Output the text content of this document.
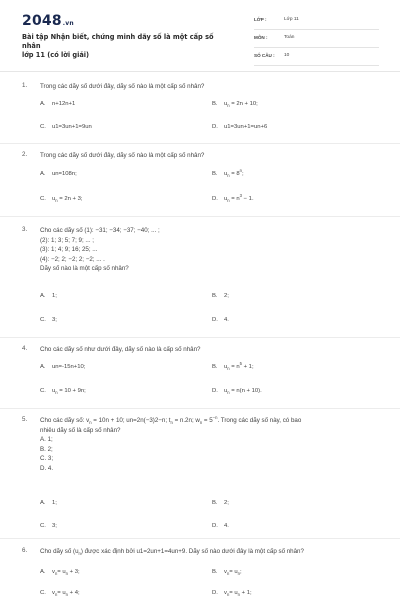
2048.vn
Bài tập Nhận biết, chứng minh dãy số là một cấp số nhân
lớp 11 (có lời giải)
LỚP :	Lớp 11
MÔN :	Toán
SỐ CÂU : 10
1. Trong các dãy số dưới đây, dãy số nào là một cấp số nhân?
A. n+12n+1	B. $u_n = 2n + 10$;
C. u1=3un+1=9un	D. u1=3un+1=un+6
2. Trong các dãy số dưới đây, dãy số nào là một cấp số nhân?
A. un=108n;	B. $u_n = 8^n$;
C. $u_n = 2n + 3$;	D. $u_n = n^3 - 1$.
3. Cho các dãy số (1): −31; −34; −37; −40; ... ;
(2): 1; 3; 5; 7; 9; ... ;
(3): 1; 4; 9; 16; 25; ...
(4): −2; 2; −2; 2; −2; ... .
Dãy số nào là một cấp số nhân?
A. 1;	B. 2;
C. 3;	D. 4.
4. Cho các dãy số như dưới đây, dãy số nào là cấp số nhân?
A. un=-15n+10;	B. $u_n = n^5 + 1$;
C. $u_n = 10 + 9n$;	D. $u_n = n(n + 10)$.
5. Cho các dãy số: $v_n = 10n + 10$; un=2n(−3)2−n; $t_n = n.2n$; $w_n = 5^{-n}$. Trong các dãy số này, có bao
nhiêu dãy số là cấp số nhân?
A. 1;
B. 2;
C. 3;
D. 4.
A. 1;	B. 2;
C. 3;	D. 4.
6. Cho dãy số $(u_n)$ được xác định bởi u1=2un+1=4un+9. Dãy số nào dưới đây là một cấp số nhân?
A. $v_n= u_n + 3$;	B. $v_n= u_n$;
C. $v_n= u_n + 4$;	D. $v_n= u_n + 1$;
